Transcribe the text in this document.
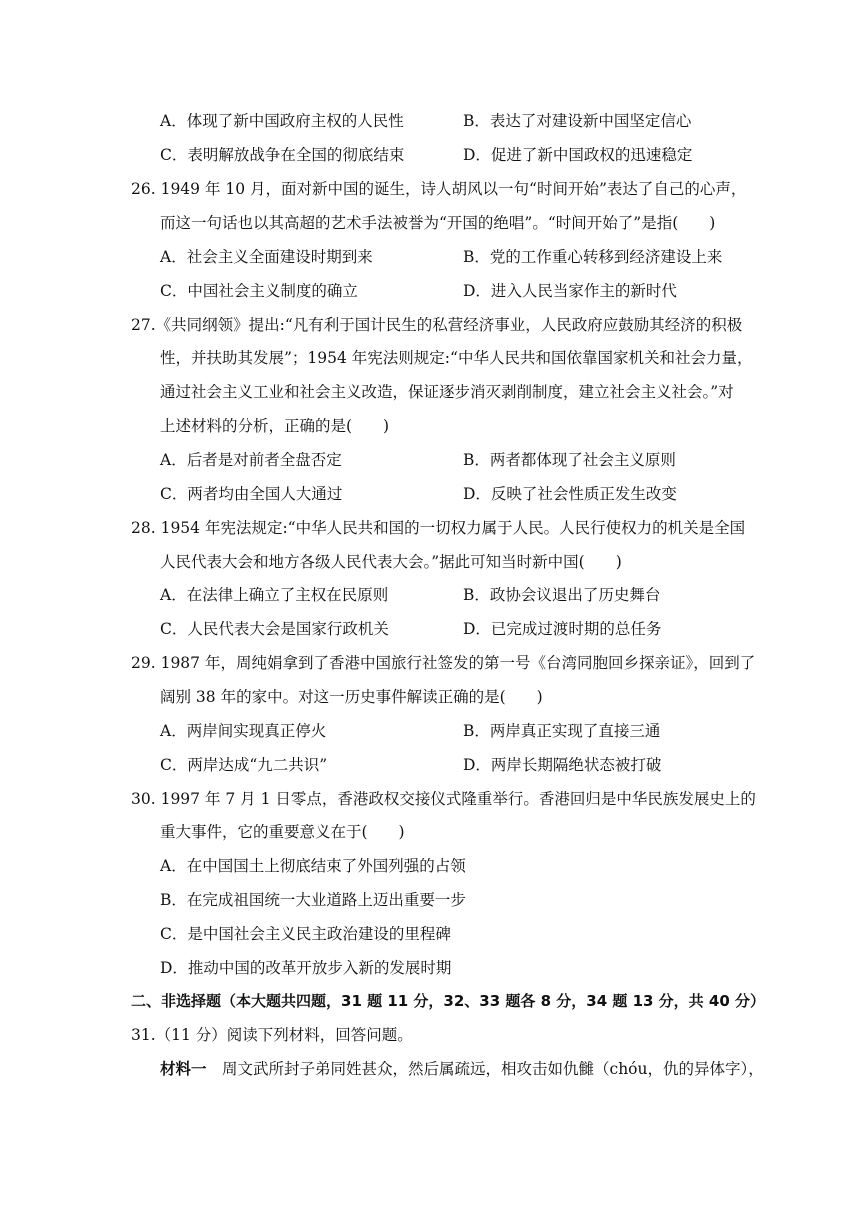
A．体现了新中国政府主权的人民性	B．表达了对建设新中国坚定信心
C．表明解放战争在全国的彻底结束	D．促进了新中国政权的迅速稳定
26. 1949 年 10 月，面对新中国的诞生，诗人胡风以一句“时间开始”表达了自己的心声，
而这一句话也以其高超的艺术手法被誉为“开国的绝唱”。“时间开始了”是指(　　)
A．社会主义全面建设时期到来	B．党的工作重心转移到经济建设上来
C．中国社会主义制度的确立	D．进入人民当家作主的新时代
27.《共同纲领》提出:“凡有利于国计民生的私营经济事业，人民政府应鼓励其经济的积极
性，并扶助其发展”；1954 年宪法则规定:“中华人民共和国依靠国家机关和社会力量，
通过社会主义工业和社会主义改造，保证逐步消灭剥削制度，建立社会主义社会。”对
上述材料的分析，正确的是(　　)
A．后者是对前者全盘否定	B．两者都体现了社会主义原则
C．两者均由全国人大通过	D．反映了社会性质正发生改变
28. 1954 年宪法规定:“中华人民共和国的一切权力属于人民。人民行使权力的机关是全国
人民代表大会和地方各级人民代表大会。”据此可知当时新中国(　　)
A．在法律上确立了主权在民原则	B．政协会议退出了历史舞台
C．人民代表大会是国家行政机关	D．已完成过渡时期的总任务
29. 1987 年，周纯娟拿到了香港中国旅行社签发的第一号《台湾同胞回乡探亲证》，回到了
阔别 38 年的家中。对这一历史事件解读正确的是(　　)
A．两岸间实现真正停火	B．两岸真正实现了直接三通
C．两岸达成“九二共识”	D．两岸长期隔绝状态被打破
30. 1997 年 7 月 1 日零点，香港政权交接仪式隆重举行。香港回归是中华民族发展史上的
重大事件，它的重要意义在于(　　)
A．在中国国土上彻底结束了外国列强的占领
B．在完成祖国统一大业道路上迈出重要一步
C．是中国社会主义民主政治建设的里程碑
D．推动中国的改革开放步入新的发展时期
二、非选择题（本大题共四题，31 题 11 分，32、33 题各 8 分，34 题 13 分，共 40 分）
31.（11 分）阅读下列材料，回答问题。
材料一　周文武所封子弟同姓甚众，然后属疏远，相攻击如仇雠（chóu，仇的异体字），
